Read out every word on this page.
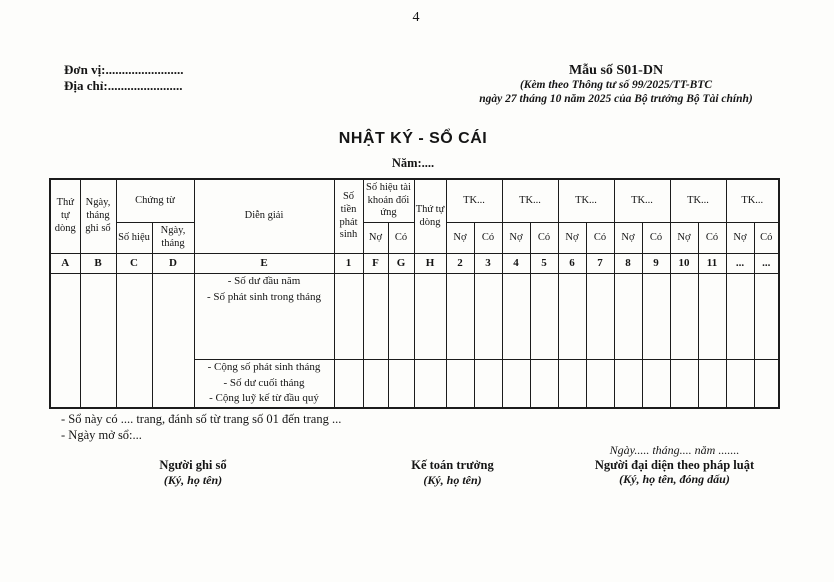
4
Đơn vị:........................
Địa chỉ:.......................
Mẫu số S01-DN
(Kèm theo Thông tư số 99/2025/TT-BTC
ngày 27 tháng 10 năm 2025 của Bộ trưởng Bộ Tài chính)
NHẬT KÝ - SỔ CÁI
Năm:....
Thứ tự dòng	Ngày, tháng ghi sổ	Chứng từ		Diễn giải	Số tiền phát sinh	Số hiệu tài khoản đối ứng		Thứ tự dòng	TK...		TK...		TK...		TK...		TK...		TK...	
		Số hiệu	Ngày, tháng			Nợ	Có		Nợ	Có	Nợ	Có	Nợ	Có	Nợ	Có	Nợ	Có	Nợ	Có
A	B	C	D	E	1	F	G	H	2	3	4	5	6	7	8	9	10	11	...	...

				- Số dư đầu năm
- Số phát sinh trong tháng																

				- Cộng số phát sinh tháng
- Số dư cuối tháng
- Cộng luỹ kế từ đầu quý																

- Sổ này có .... trang, đánh số từ trang số 01 đến trang ...
- Ngày mở sổ:...
Người ghi sổ
(Ký, họ tên)
Kế toán trưởng
(Ký, họ tên)
Ngày..... tháng.... năm .......
Người đại diện theo pháp luật
(Ký, họ tên, đóng dấu)
